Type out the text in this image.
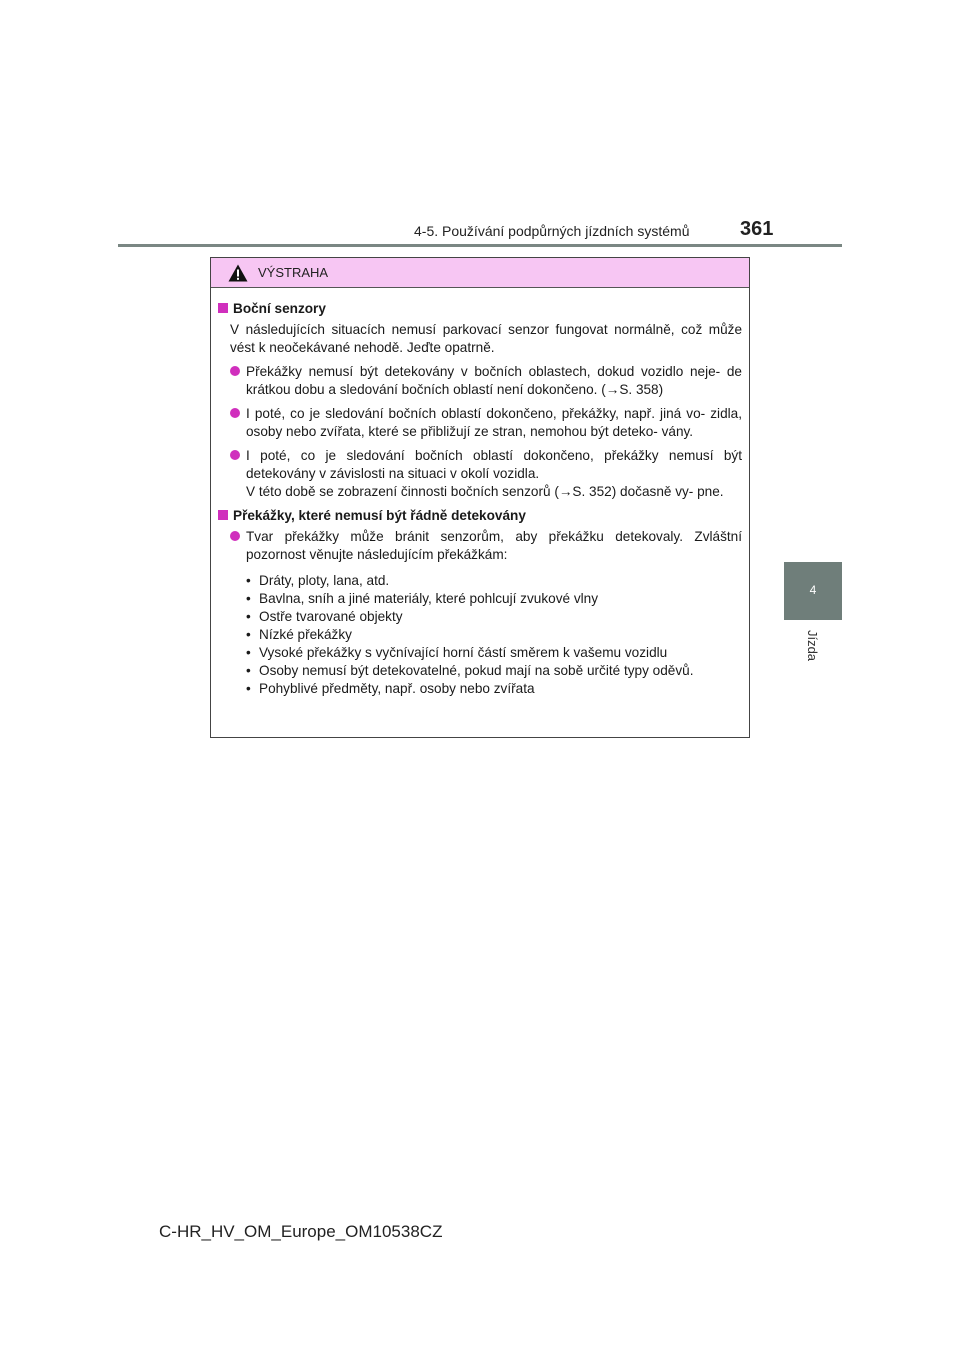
4-5. Používání podpůrných jízdních systémů	361
4
Jízda
VÝSTRAHA
Boční senzory
V následujících situacích nemusí parkovací senzor fungovat normálně, což může vést k neočekávané nehodě. Jeďte opatrně.
Překážky nemusí být detekovány v bočních oblastech, dokud vozidlo neje- de krátkou dobu a sledování bočních oblastí není dokončeno. (→S. 358)
I poté, co je sledování bočních oblastí dokončeno, překážky, např. jiná vo- zidla, osoby nebo zvířata, které se přibližují ze stran, nemohou být deteko- vány.

I poté, co je sledování bočních oblastí dokončeno, překážky nemusí být detekovány v závislosti na situaci v okolí vozidla.

V této době se zobrazení činnosti bočních senzorů (→S. 352) dočasně vy- pne.

Překážky, které nemusí být řádně detekovány

Tvar překážky může bránit senzorům, aby překážku detekovaly. Zvláštní pozornost věnujte následujícím překážkám:

• Dráty, ploty, lana, atd.
• Bavlna, sníh a jiné materiály, které pohlcují zvukové vlny
• Ostře tvarované objekty
• Nízké překážky
• Vysoké překážky s vyčnívající horní částí směrem k vašemu vozidlu
• Osoby nemusí být detekovatelné, pokud mají na sobě určité typy oděvů.
• Pohyblivé předměty, např. osoby nebo zvířata
C-HR_HV_OM_Europe_OM10538CZ
